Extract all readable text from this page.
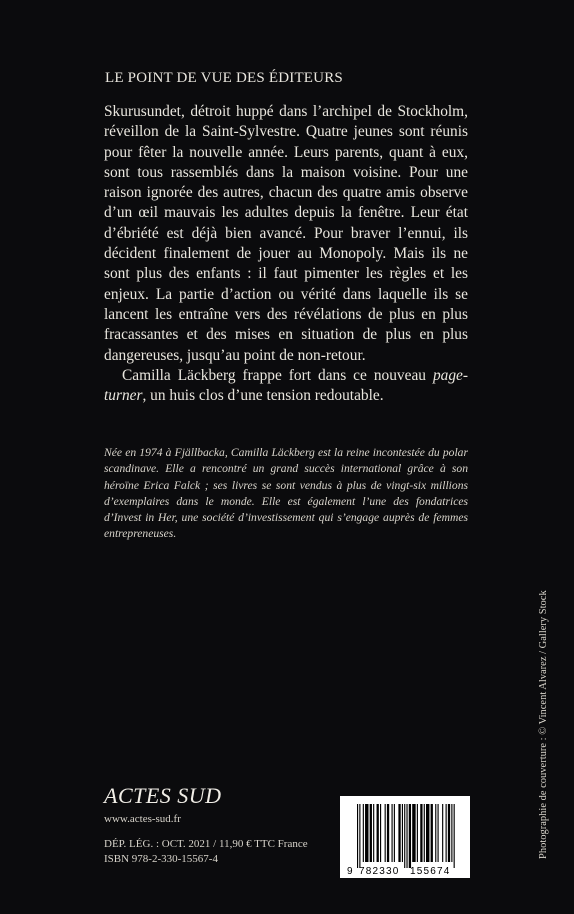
LE POINT DE VUE DES ÉDITEURS

Skurusundet, détroit huppé dans l’archipel de Stockholm, réveillon de la Saint-Sylvestre. Quatre jeunes sont réunis pour fêter la nouvelle année. Leurs parents, quant à eux, sont tous rassemblés dans la maison voisine. Pour une raison ignorée des autres, chacun des quatre amis observe d’un œil mauvais les adultes depuis la fenêtre. Leur état d’ébriété est déjà bien avancé. Pour braver l’ennui, ils décident finalement de jouer au Monopoly. Mais ils ne sont plus des enfants : il faut pimenter les règles et les enjeux. La partie d’action ou vérité dans laquelle ils se lancent les entraîne vers des révélations de plus en plus fracassantes et des mises en situation de plus en plus dangereuses, jusqu’au point de non-retour.

Camilla Läckberg frappe fort dans ce nouveau page-turner, un huis clos d’une tension redoutable.

Née en 1974 à Fjällbacka, Camilla Läckberg est la reine incontestée du polar scandinave. Elle a rencontré un grand succès international grâce à son héroïne Erica Falck ; ses livres se sont vendus à plus de vingt-six millions d’exemplaires dans le monde. Elle est également l’une des fondatrices d’Invest in Her, une société d’investissement qui s’engage auprès de femmes entrepreneuses.
Photographie de couverture : © Vincent Alvarez / Gallery Stock
ACTES SUD
www.actes-sud.fr
DÉP. LÉG. : OCT. 2021 / 11,90 € TTC France
ISBN 978-2-330-15567-4
9 782330 155674
